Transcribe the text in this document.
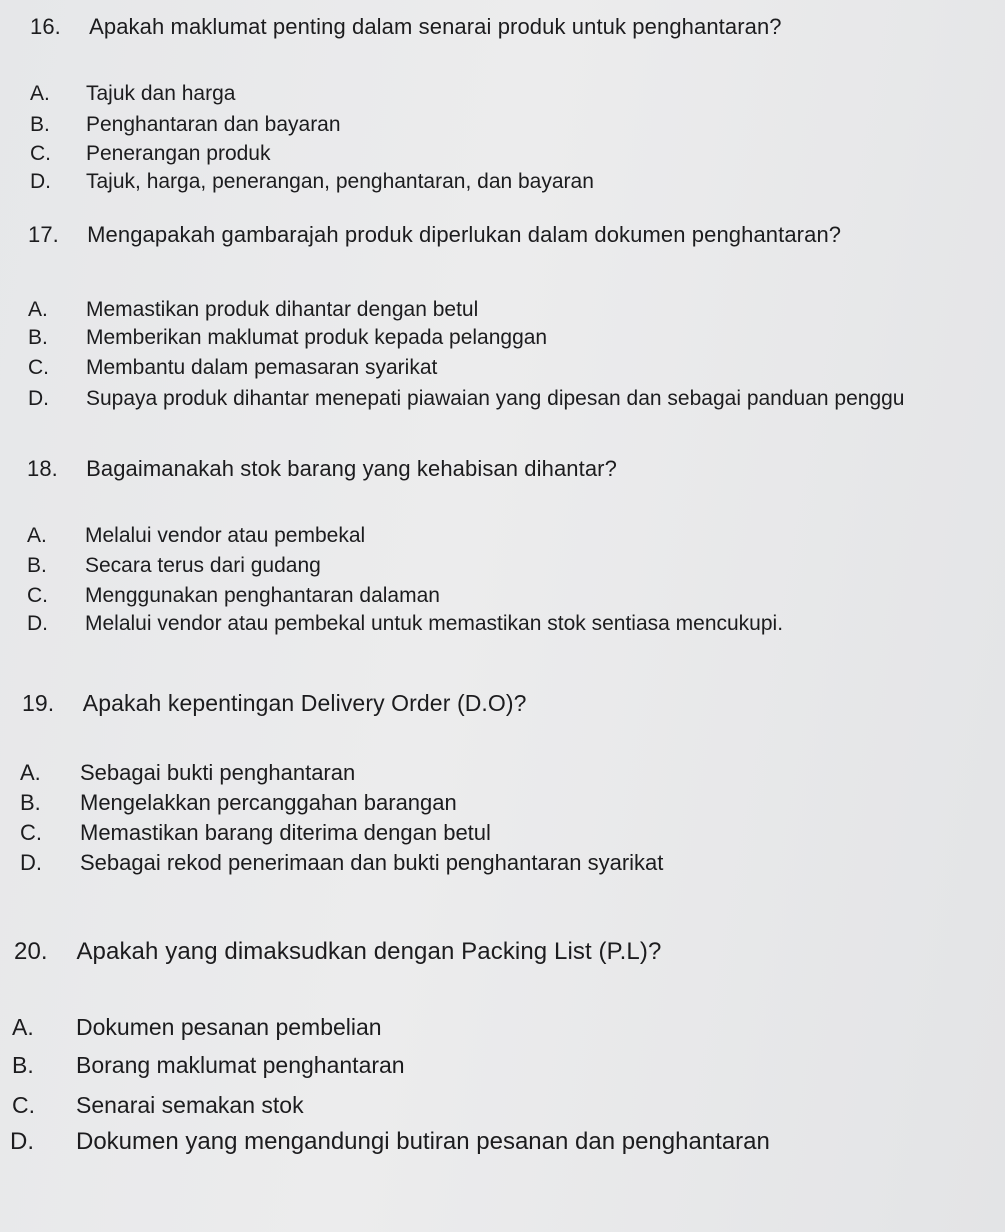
16. Apakah maklumat penting dalam senarai produk untuk penghantaran?
A. Tajuk dan harga
B. Penghantaran dan bayaran
C. Penerangan produk
D. Tajuk, harga, penerangan, penghantaran, dan bayaran
17. Mengapakah gambarajah produk diperlukan dalam dokumen penghantaran?
A. Memastikan produk dihantar dengan betul
B. Memberikan maklumat produk kepada pelanggan
C. Membantu dalam pemasaran syarikat
D. Supaya produk dihantar menepati piawaian yang dipesan dan sebagai panduan penggu
18. Bagaimanakah stok barang yang kehabisan dihantar?
A. Melalui vendor atau pembekal
B. Secara terus dari gudang
C. Menggunakan penghantaran dalaman
D. Melalui vendor atau pembekal untuk memastikan stok sentiasa mencukupi.
19. Apakah kepentingan Delivery Order (D.O)?
A. Sebagai bukti penghantaran
B. Mengelakkan percanggahan barangan
C. Memastikan barang diterima dengan betul
D. Sebagai rekod penerimaan dan bukti penghantaran syarikat
20. Apakah yang dimaksudkan dengan Packing List (P.L)?
A. Dokumen pesanan pembelian
B. Borang maklumat penghantaran
C. Senarai semakan stok
D. Dokumen yang mengandungi butiran pesanan dan penghantaran
